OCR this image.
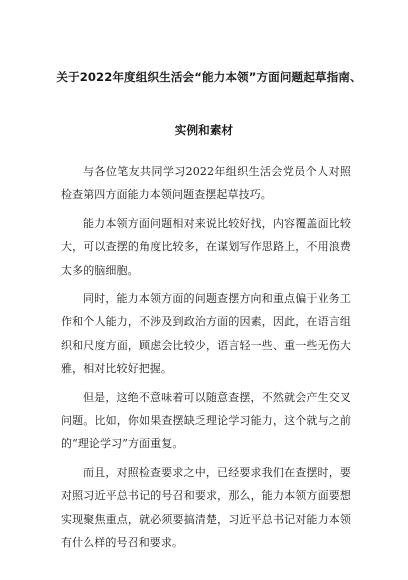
关于2022年度组织生活会“能力本领”方面问题起草指南、
实例和素材

与各位笔友共同学习2022年组织生活会党员个人对照检查第四方面能力本领问题查摆起草技巧。

能力本领方面问题相对来说比较好找，内容覆盖面比较大，可以查摆的角度比较多，在谋划写作思路上，不用浪费太多的脑细胞。

同时，能力本领方面的问题查摆方向和重点偏于业务工作和个人能力，不涉及到政治方面的因素，因此，在语言组织和尺度方面，顾虑会比较少，语言轻一些、重一些无伤大雅，相对比较好把握。

但是，这绝不意味着可以随意查摆，不然就会产生交叉问题。比如，你如果查摆缺乏理论学习能力，这个就与之前的“理论学习”方面重复。

而且，对照检查要求之中，已经要求我们在查摆时，要对照习近平总书记的号召和要求，那么，能力本领方面要想实现聚焦重点，就必须要搞清楚，习近平总书记对能力本领有什么样的号召和要求。
